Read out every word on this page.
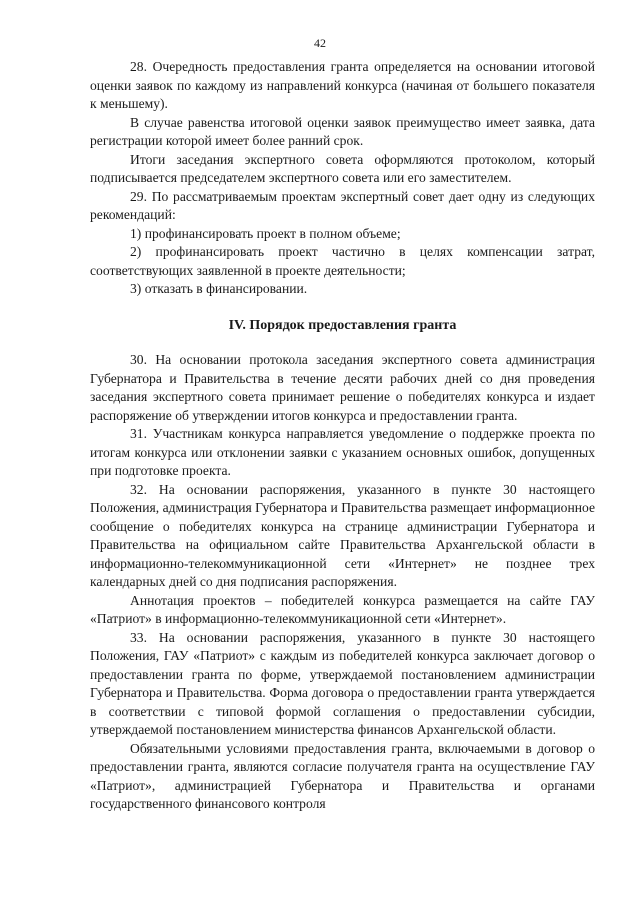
42

28. Очередность предоставления гранта определяется на основании итоговой оценки заявок по каждому из направлений конкурса (начиная от большего показателя к меньшему).

В случае равенства итоговой оценки заявок преимущество имеет заявка, дата регистрации которой имеет более ранний срок.

Итоги заседания экспертного совета оформляются протоколом, который подписывается председателем экспертного совета или его заместителем.

29. По рассматриваемым проектам экспертный совет дает одну из следующих рекомендаций:

1) профинансировать проект в полном объеме;

2) профинансировать проект частично в целях компенсации затрат, соответствующих заявленной в проекте деятельности;

3) отказать в финансировании.

IV. Порядок предоставления гранта

30. На основании протокола заседания экспертного совета администрация Губернатора и Правительства в течение десяти рабочих дней со дня проведения заседания экспертного совета принимает решение о победителях конкурса и издает распоряжение об утверждении итогов конкурса и предоставлении гранта.

31. Участникам конкурса направляется уведомление о поддержке проекта по итогам конкурса или отклонении заявки с указанием основных ошибок, допущенных при подготовке проекта.

32. На основании распоряжения, указанного в пункте 30 настоящего Положения, администрация Губернатора и Правительства размещает информационное сообщение о победителях конкурса на странице администрации Губернатора и Правительства на официальном сайте Правительства Архангельской области в информационно-телекоммуникационной сети «Интернет» не позднее трех календарных дней со дня подписания распоряжения.

Аннотация проектов – победителей конкурса размещается на сайте ГАУ «Патриот» в информационно-телекоммуникационной сети «Интернет».

33. На основании распоряжения, указанного в пункте 30 настоящего Положения, ГАУ «Патриот» с каждым из победителей конкурса заключает договор о предоставлении гранта по форме, утверждаемой постановлением администрации Губернатора и Правительства. Форма договора о предоставлении гранта утверждается в соответствии с типовой формой соглашения о предоставлении субсидии, утверждаемой постановлением министерства финансов Архангельской области.

Обязательными условиями предоставления гранта, включаемыми в договор о предоставлении гранта, являются согласие получателя гранта на осуществление ГАУ «Патриот», администрацией Губернатора и Правительства и органами государственного финансового контроля
